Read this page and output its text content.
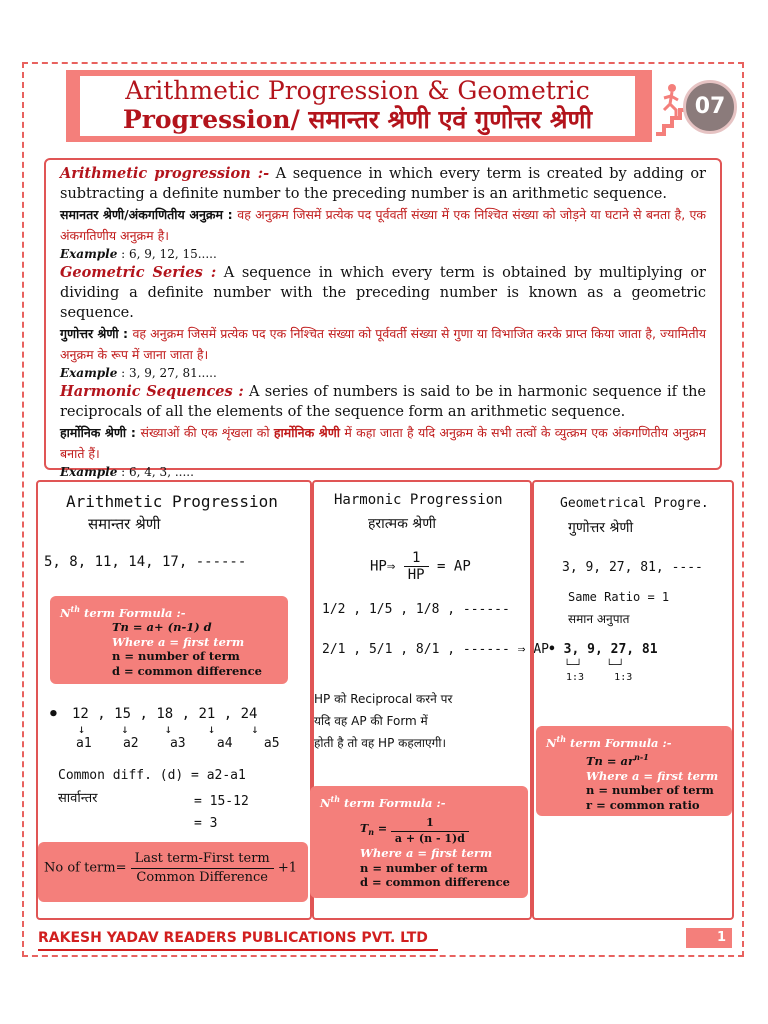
Arithmetic Progression & Geometric
Progression/ समान्तर श्रेणी एवं गुणोत्तर श्रेणी	07

Arithmetic progression :- A sequence in which every term is created by adding or subtracting a definite number to the preceding number is an arithmetic sequence.

समानतर श्रेणी/अंकगणितीय अनुक्रम : वह अनुक्रम जिसमें प्रत्येक पद पूर्ववर्ती संख्या में एक निश्चित संख्या को जोड़ने या घटाने से बनता है, एक अंकगतिणीय अनुक्रम है।

Example : 6, 9, 12, 15.....

Geometric Series : A sequence in which every term is obtained by multiplying or dividing a definite number with the preceding number is known as a geometric sequence.

गुणोत्तर श्रेणी : वह अनुक्रम जिसमें प्रत्येक पद एक निश्चित संख्या को पूर्ववर्ती संख्या से गुणा या विभाजित करके प्राप्त किया जाता है, ज्यामितीय अनुक्रम के रूप में जाना जाता है।

Example : 3, 9, 27, 81.....

Harmonic Sequences : A series of numbers is said to be in harmonic sequence if the reciprocals of all the elements of the sequence form an arithmetic sequence.

हार्मोनिक श्रेणी : संख्याओं की एक शृंखला को हार्मोनिक श्रेणी में कहा जाता है यदि अनुक्रम के सभी तत्वों के व्युत्क्रम एक अंकगणितीय अनुक्रम बनाते हैं।

Example : 6, 4, 3, .....

Arithmetic Progression
समान्तर श्रेणी
5, 8, 11, 14, 17, ------
$N^{th}$ term Formula :-
Tn = a+ (n-1) d
Where a = first term
n = number of term
d = common difference
• 12 , 15 , 18 , 21 , 24
↓     ↓     ↓     ↓     ↓
a1 a2 a3 a4 a5
Common diff. (d) = a2-a1
सार्वान्तर	= 15-12
= 3
No of term= $\frac{\text{Last term-First term}}{\text{Common Difference}} +1$
Harmonic Progression
हरात्मक श्रेणी
HP⇒ $\frac{1}{HP}$ = AP
1/2 , 1/5 , 1/8 , ------
2/1 , 5/1 , 8/1 , ------ ⇒ AP
HP को Reciprocal करने पर
यदि वह AP की Form में
होती है तो वह HP कहलाएगी।
$N^{th}$ term Formula :-
$T_n = \frac{1}{a + (n - 1)d}$
Where a = first term
n = number of term
d = common difference
Geometrical Progre.
गुणोत्तर श्रेणी
3, 9, 27, 81, ----
Same Ratio = 1
समान अनुपात
• 3, 9, 27, 81
└─┘    └─┘
1:3	1:3
$N^{th}$ term Formula :-
$Tn = ar^{n-1}$
Where a = first term
n = number of term
r = common ratio
RAKESH YADAV READERS PUBLICATIONS PVT. LTD	1
